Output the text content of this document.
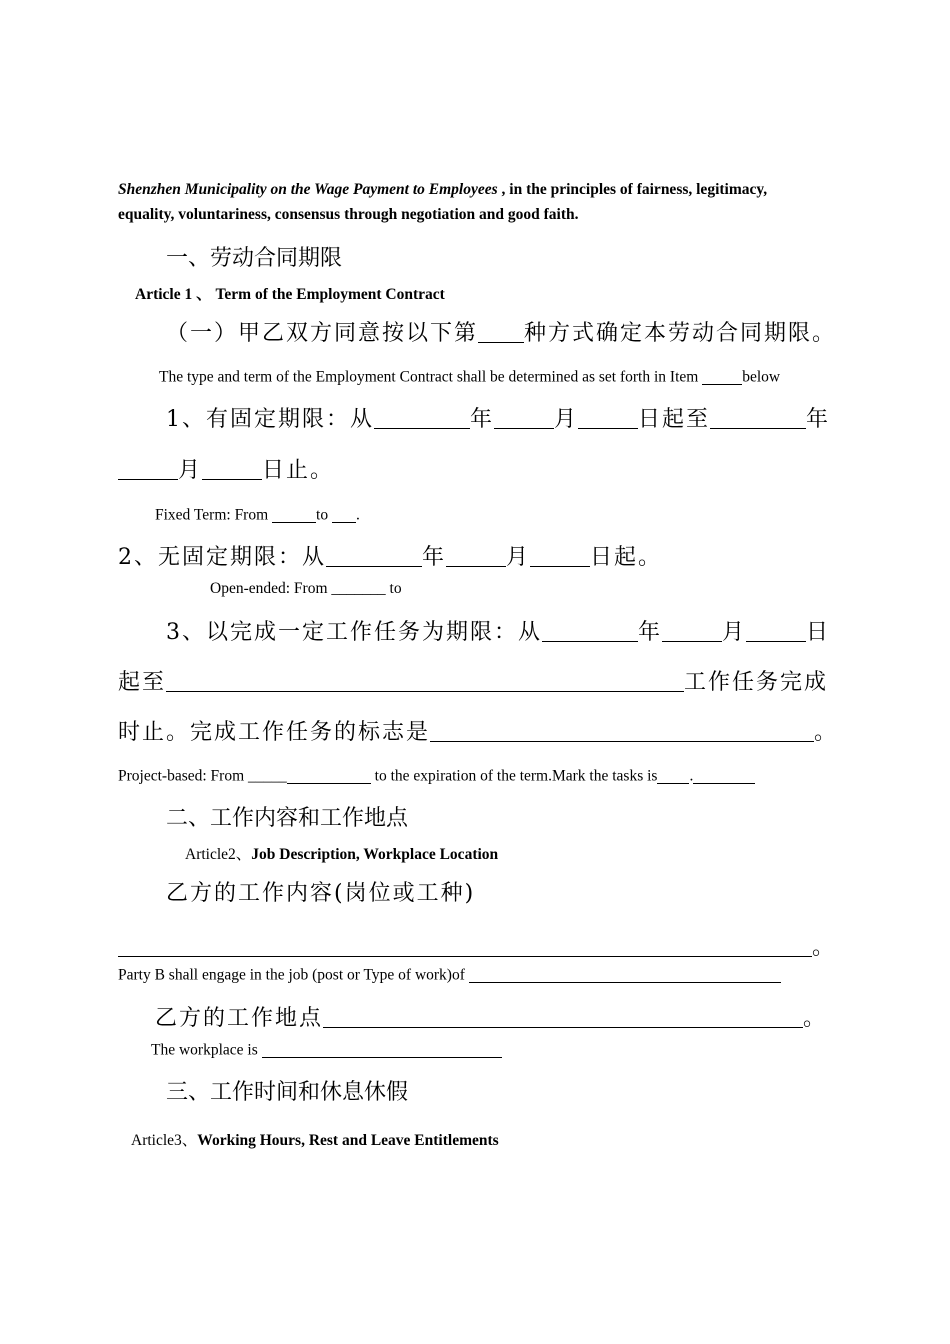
Shenzhen Municipality on the Wage Payment to Employees , in the principles of fairness, legitimacy,
equality, voluntariness, consensus through negotiation and good faith.
一、劳动合同期限
Article 1 、 Term of the Employment Contract
（一）甲乙双方同意按以下第 种方式确定本劳动合同期限。
The type and term of the Employment Contract shall be determined as set forth in Item	below
1、有固定期限：从	年	月	日起至	年
月	日止。
Fixed Term: From	to .
2、无固定期限：从	年	月	日起。
Open-ended: From _______ to
3、以完成一定工作任务为期限：从	年	月	日
起至	工作任务完成
时止。完成工作任务的标志是	。
Project-based: From _____	to the expiration of the term.Mark the tasks is .
二、工作内容和工作地点
Article2、Job Description, Workplace Location
乙方的工作内容(岗位或工种)
。
Party B shall engage in the job (post or Type of work)of
乙方的工作地点	。
The workplace is
三、工作时间和休息休假
Article3、Working Hours, Rest and Leave Entitlements
